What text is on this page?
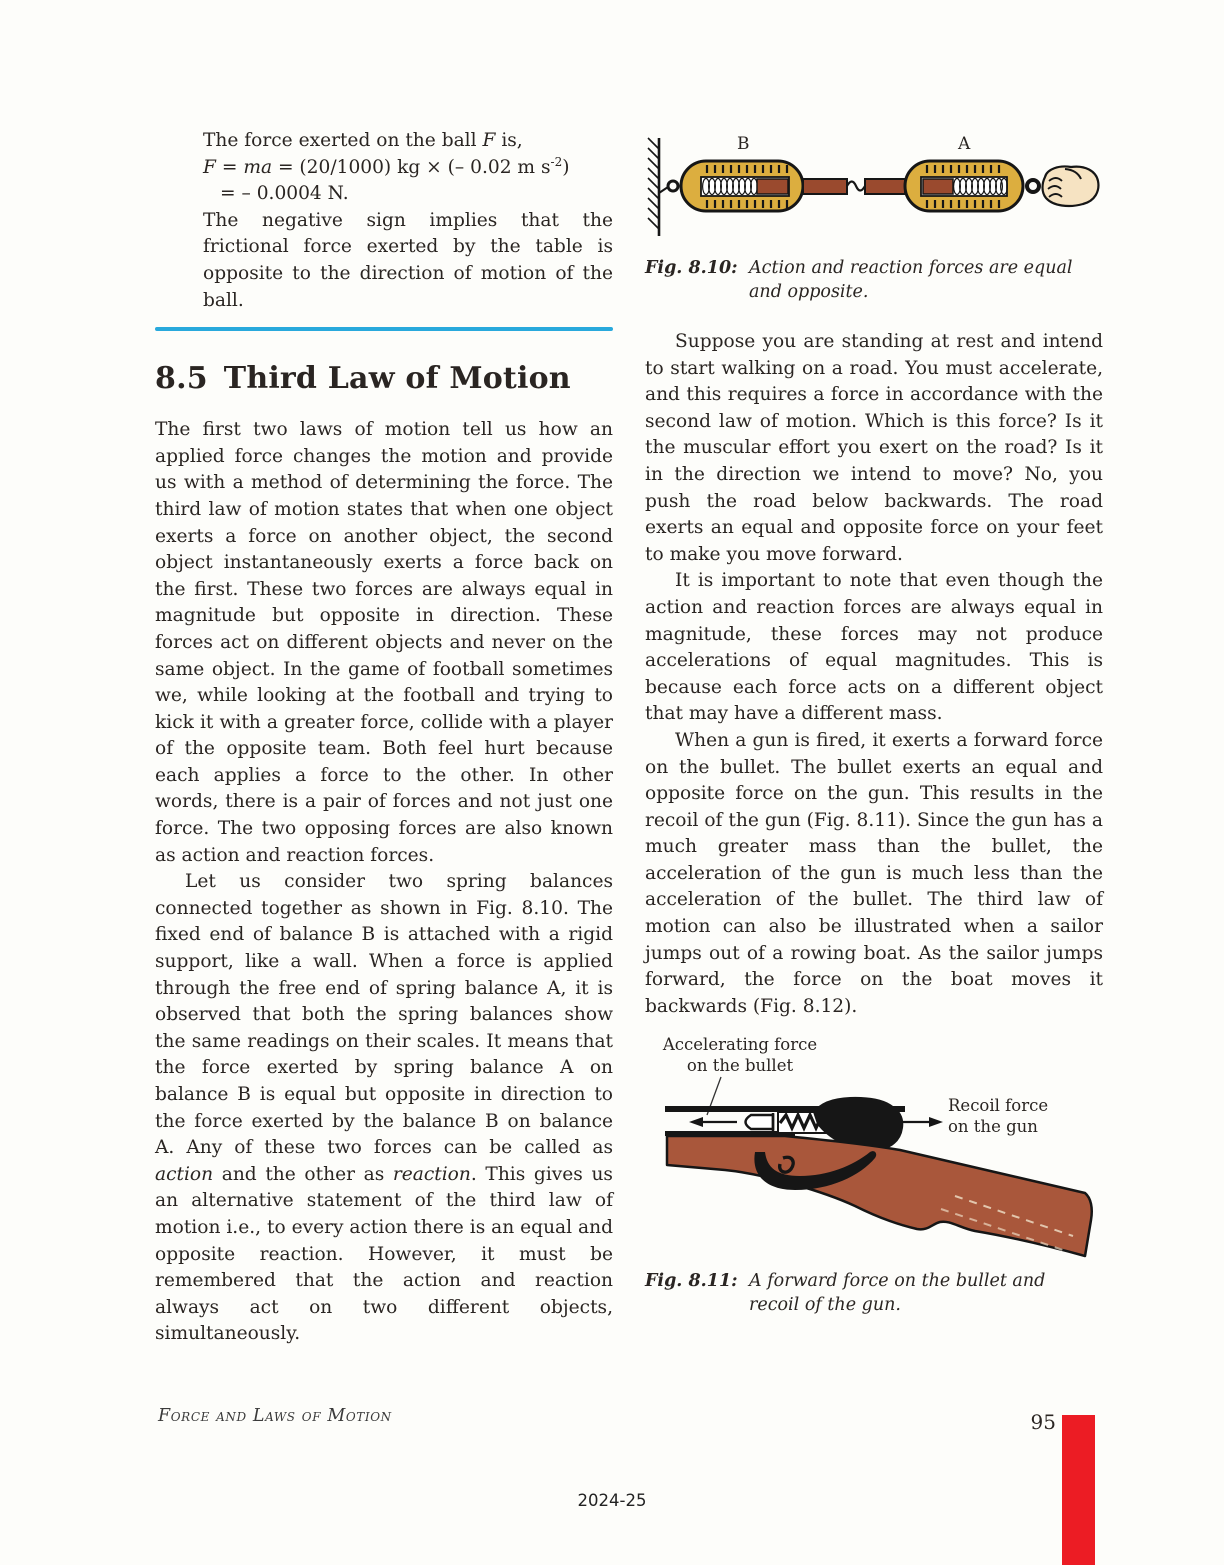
The force exerted on the ball F is,
F = ma = (20/1000) kg × (– 0.02 m $s^{-2}$)
= – 0.0004 N.
The negative sign implies that the frictional force exerted by the table is opposite to the direction of motion of the ball.
8.5 Third Law of Motion

The first two laws of motion tell us how an applied force changes the motion and provide us with a method of determining the force. The third law of motion states that when one object exerts a force on another object, the second object instantaneously exerts a force back on the first. These two forces are always equal in magnitude but opposite in direction. These forces act on different objects and never on the same object. In the game of football sometimes we, while looking at the football and trying to kick it with a greater force, collide with a player of the opposite team. Both feel hurt because each applies a force to the other. In other words, there is a pair of forces and not just one force. The two opposing forces are also known as action and reaction forces.

Let us consider two spring balances connected together as shown in Fig. 8.10. The fixed end of balance B is attached with a rigid support, like a wall. When a force is applied through the free end of spring balance A, it is observed that both the spring balances show the same readings on their scales. It means that the force exerted by spring balance A on balance B is equal but opposite in direction to the force exerted by the balance B on balance A. Any of these two forces can be called as action and the other as reaction. This gives us an alternative statement of the third law of motion i.e., to every action there is an equal and opposite reaction. However, it must be remembered that the action and reaction always act on two different objects, simultaneously.

B	A
Fig. 8.10: Action and reaction forces are equal and opposite.

Suppose you are standing at rest and intend to start walking on a road. You must accelerate, and this requires a force in accordance with the second law of motion. Which is this force? Is it the muscular effort you exert on the road? Is it in the direction we intend to move? No, you push the road below backwards. The road exerts an equal and opposite force on your feet to make you move forward.

It is important to note that even though the action and reaction forces are always equal in magnitude, these forces may not produce accelerations of equal magnitudes. This is because each force acts on a different object that may have a different mass.

When a gun is fired, it exerts a forward force on the bullet. The bullet exerts an equal and opposite force on the gun. This results in the recoil of the gun (Fig. 8.11). Since the gun has a much greater mass than the bullet, the acceleration of the gun is much less than the acceleration of the bullet. The third law of motion can also be illustrated when a sailor jumps out of a rowing boat. As the sailor jumps forward, the force on the boat moves it backwards (Fig. 8.12).

Accelerating force
on the bullet
Recoil force
on the gun
Fig. 8.11: A forward force on the bullet and recoil of the gun.
Force and Laws of Motion	95
2024-25
